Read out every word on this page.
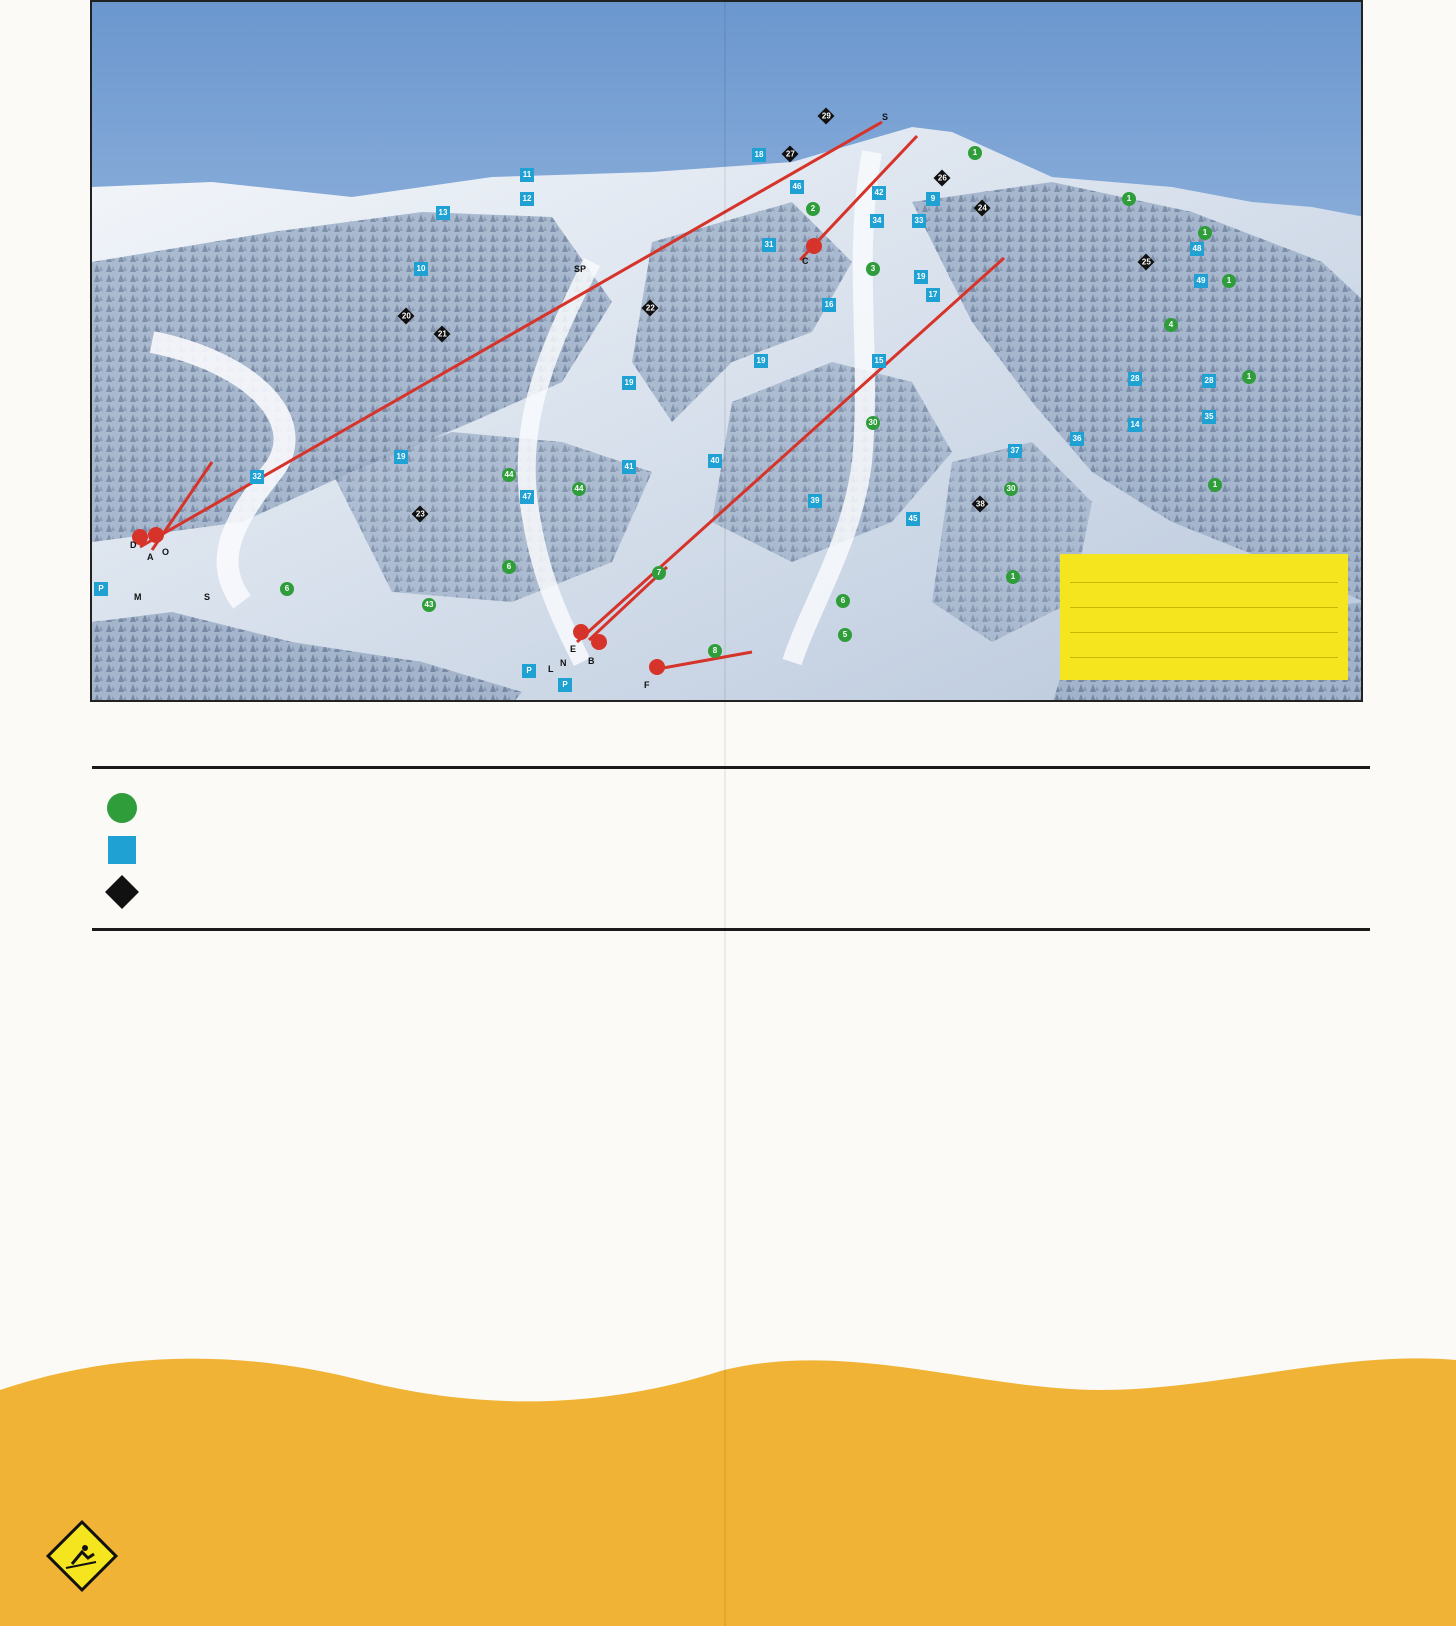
11
12
13
10
20
21
22
19
19
32	44
44
47
23
6
43
6
41
40
7
8
18	27
29
46
2
31
42
34	33
9
26
24
1
3
19
17
16
19	15
30
39
45
38
30
37
36
14
35
28	28	1
1
4
25
48
49	1
1
1
6
5
1
P
P
P
D
A O
M	S
C
E
B
F
L
N
S P
S
